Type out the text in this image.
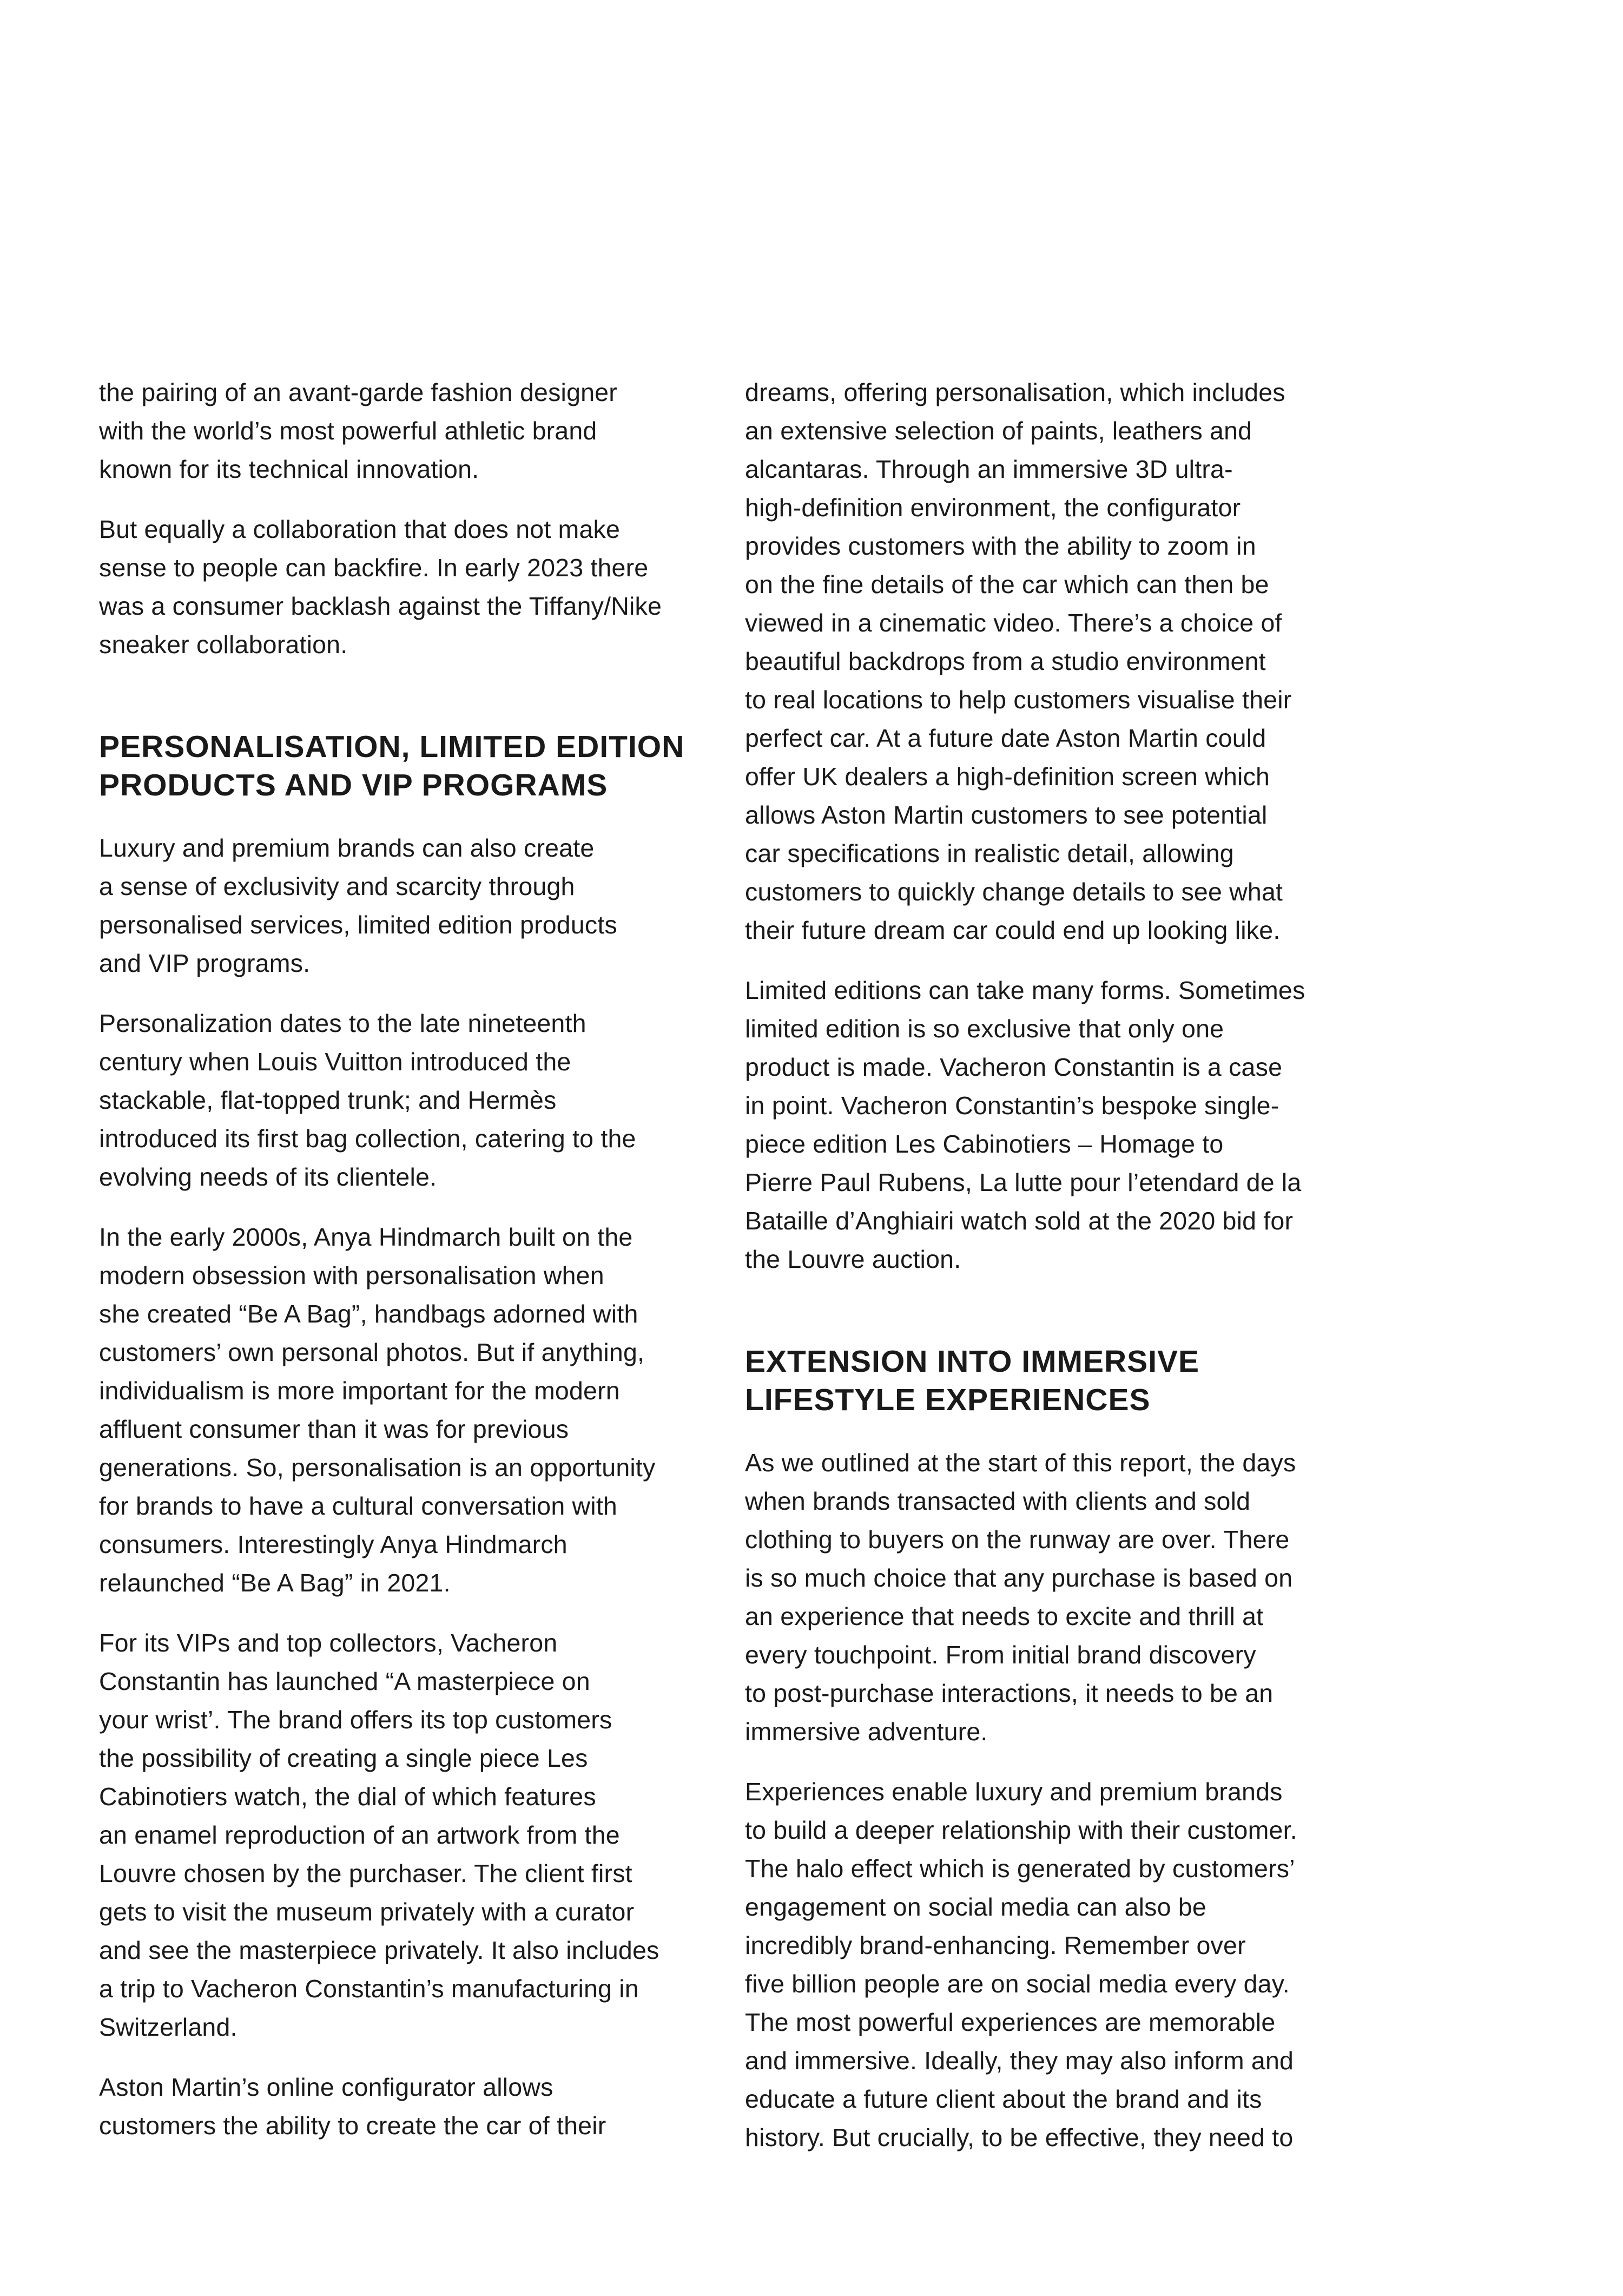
the pairing of an avant-garde fashion designer
with the world’s most powerful athletic brand
known for its technical innovation.

But equally a collaboration that does not make
sense to people can backfire. In early 2023 there
was a consumer backlash against the Tiffany/Nike
sneaker collaboration.

PERSONALISATION, LIMITED EDITION
PRODUCTS AND VIP PROGRAMS

Luxury and premium brands can also create
a sense of exclusivity and scarcity through
personalised services, limited edition products
and VIP programs.

Personalization dates to the late nineteenth
century when Louis Vuitton introduced the
stackable, flat-topped trunk; and Hermès
introduced its first bag collection, catering to the
evolving needs of its clientele.

In the early 2000s, Anya Hindmarch built on the
modern obsession with personalisation when
she created “Be A Bag”, handbags adorned with
customers’ own personal photos. But if anything,
individualism is more important for the modern
affluent consumer than it was for previous
generations. So, personalisation is an opportunity
for brands to have a cultural conversation with
consumers. Interestingly Anya Hindmarch
relaunched “Be A Bag” in 2021.

For its VIPs and top collectors, Vacheron
Constantin has launched “A masterpiece on
your wrist’. The brand offers its top customers
the possibility of creating a single piece Les
Cabinotiers watch, the dial of which features
an enamel reproduction of an artwork from the
Louvre chosen by the purchaser. The client first
gets to visit the museum privately with a curator
and see the masterpiece privately. It also includes
a trip to Vacheron Constantin’s manufacturing in
Switzerland.

Aston Martin’s online configurator allows
customers the ability to create the car of their

dreams, offering personalisation, which includes
an extensive selection of paints, leathers and
alcantaras. Through an immersive 3D ultra-
high-definition environment, the configurator
provides customers with the ability to zoom in
on the fine details of the car which can then be
viewed in a cinematic video. There’s a choice of
beautiful backdrops from a studio environment
to real locations to help customers visualise their
perfect car. At a future date Aston Martin could
offer UK dealers a high-definition screen which
allows Aston Martin customers to see potential
car specifications in realistic detail, allowing
customers to quickly change details to see what
their future dream car could end up looking like.

Limited editions can take many forms. Sometimes
limited edition is so exclusive that only one
product is made. Vacheron Constantin is a case
in point. Vacheron Constantin’s bespoke single-
piece edition Les Cabinotiers – Homage to
Pierre Paul Rubens, La lutte pour l’etendard de la
Bataille d’Anghiairi watch sold at the 2020 bid for
the Louvre auction.

EXTENSION INTO IMMERSIVE
LIFESTYLE EXPERIENCES

As we outlined at the start of this report, the days
when brands transacted with clients and sold
clothing to buyers on the runway are over. There
is so much choice that any purchase is based on
an experience that needs to excite and thrill at
every touchpoint. From initial brand discovery
to post-purchase interactions, it needs to be an
immersive adventure.

Experiences enable luxury and premium brands
to build a deeper relationship with their customer.
The halo effect which is generated by customers’
engagement on social media can also be
incredibly brand-enhancing. Remember over
five billion people are on social media every day.
The most powerful experiences are memorable
and immersive. Ideally, they may also inform and
educate a future client about the brand and its
history. But crucially, to be effective, they need to
